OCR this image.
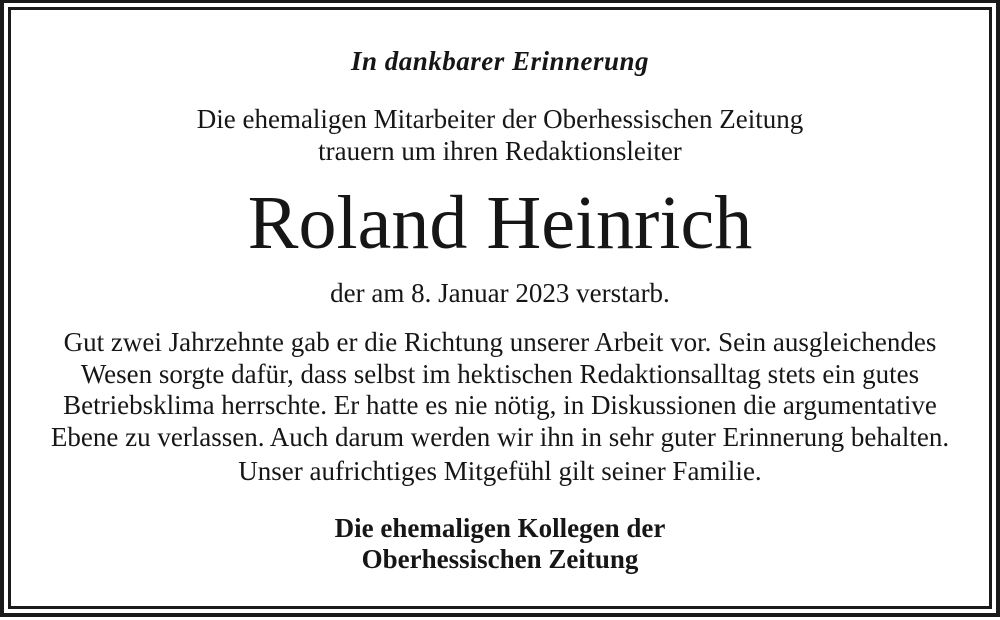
In dankbarer Erinnerung
Die ehemaligen Mitarbeiter der Oberhessischen Zeitung
trauern um ihren Redaktionsleiter
Roland Heinrich
der am 8. Januar 2023 verstarb.
Gut zwei Jahrzehnte gab er die Richtung unserer Arbeit vor. Sein ausgleichendes
Wesen sorgte dafür, dass selbst im hektischen Redaktionsalltag stets ein gutes
Betriebsklima herrschte. Er hatte es nie nötig, in Diskussionen die argumentative
Ebene zu verlassen. Auch darum werden wir ihn in sehr guter Erinnerung behalten.
Unser aufrichtiges Mitgefühl gilt seiner Familie.
Die ehemaligen Kollegen der
Oberhessischen Zeitung
